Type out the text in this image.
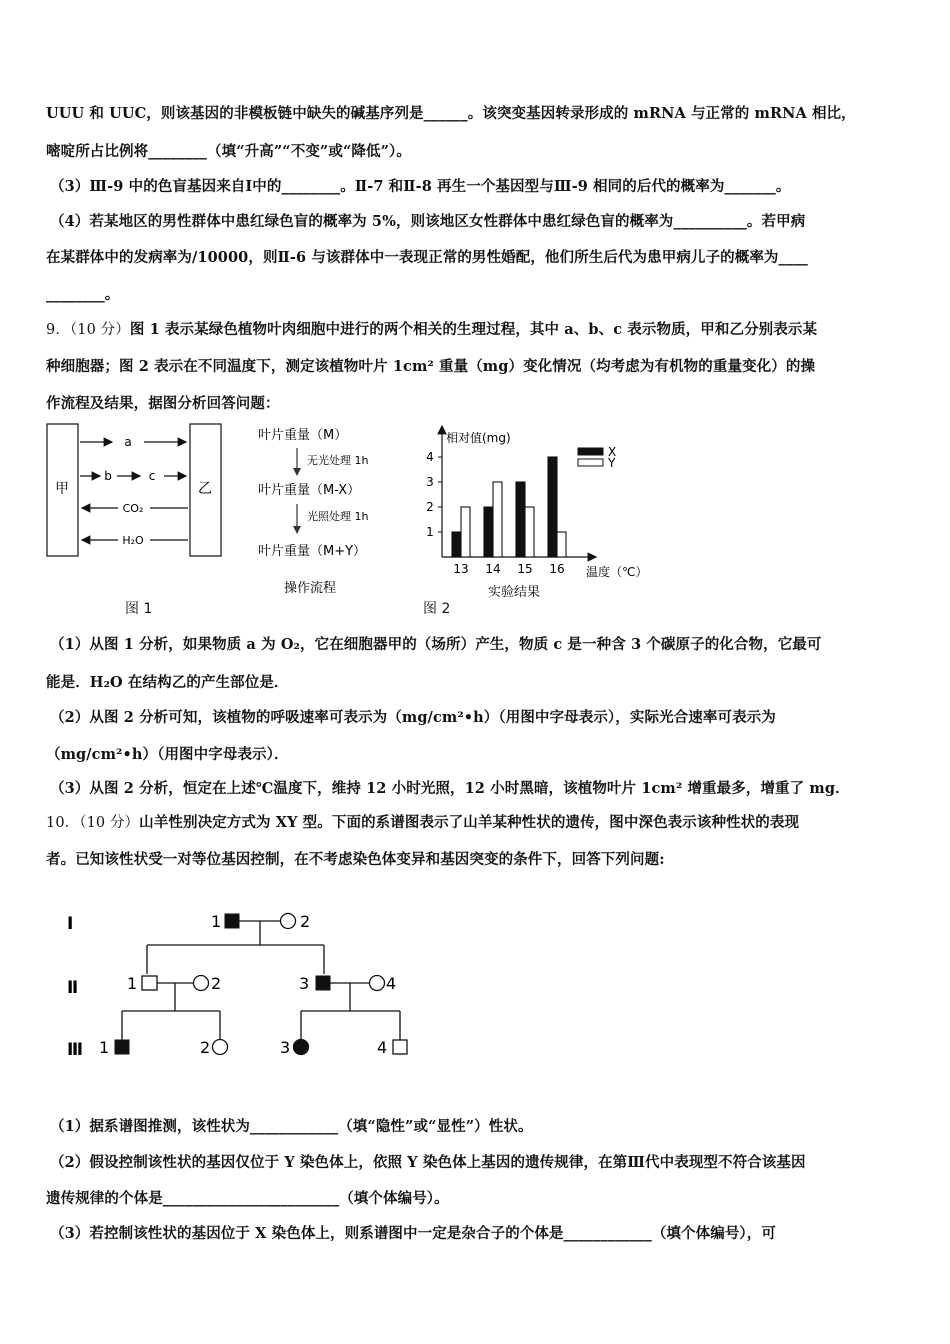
UUU 和 UUC，则该基因的非模板链中缺失的碱基序列是______。该突变基因转录形成的 mRNA 与正常的 mRNA 相比，
嘧啶所占比例将________（填“升高”“不变”或“降低”）。
（3）Ⅲ-9 中的色盲基因来自Ⅰ中的________。Ⅱ-7 和Ⅱ-8 再生一个基因型与Ⅲ-9 相同的后代的概率为_______。
（4）若某地区的男性群体中患红绿色盲的概率为 5%，则该地区女性群体中患红绿色盲的概率为__________。若甲病
在某群体中的发病率为/10000，则Ⅱ-6 与该群体中一表现正常的男性婚配，他们所生后代为患甲病儿子的概率为____
________。
9．（10 分）图 1 表示某绿色植物叶肉细胞中进行的两个相关的生理过程，其中 a、b、c 表示物质，甲和乙分别表示某
种细胞器；图 2 表示在不同温度下，测定该植物叶片 1cm² 重量（mg）变化情况（均考虑为有机物的重量变化）的操
作流程及结果，据图分析回答问题：
甲	乙
a
b	c
CO₂
H₂O
图 1
叶片重量（M）
无光处理 1h
叶片重量（M-X）
光照处理 1h
叶片重量（M+Y）
操作流程
相对值(mg)
温度（℃）
实验结果
1
2
3
4
13 14 15 16
X
Y
图 2
（1）从图 1 分析，如果物质 a 为 O₂，它在细胞器甲的（场所）产生，物质 c 是一种含 3 个碳原子的化合物，它最可
能是．H₂O 在结构乙的产生部位是．
（2）从图 2 分析可知，该植物的呼吸速率可表示为（mg/cm²•h）（用图中字母表示），实际光合速率可表示为
（mg/cm²•h）（用图中字母表示）．
（3）从图 2 分析，恒定在上述℃温度下，维持 12 小时光照，12 小时黑暗，该植物叶片 1cm² 增重最多，增重了 mg．
10．（10 分）山羊性别决定方式为 XY 型。下面的系谱图表示了山羊某种性状的遗传，图中深色表示该种性状的表现
者。已知该性状受一对等位基因控制，在不考虑染色体变异和基因突变的条件下，回答下列问题:
Ⅰ
Ⅱ
Ⅲ
1	2
1	2	3	4
1	2	3	4
（1）据系谱图推测，该性状为____________（填“隐性”或“显性”）性状。
（2）假设控制该性状的基因仅位于 Y 染色体上，依照 Y 染色体上基因的遗传规律，在第Ⅲ代中表现型不符合该基因
遗传规律的个体是________________________（填个体编号）。
（3）若控制该性状的基因位于 X 染色体上，则系谱图中一定是杂合子的个体是____________（填个体编号），可
